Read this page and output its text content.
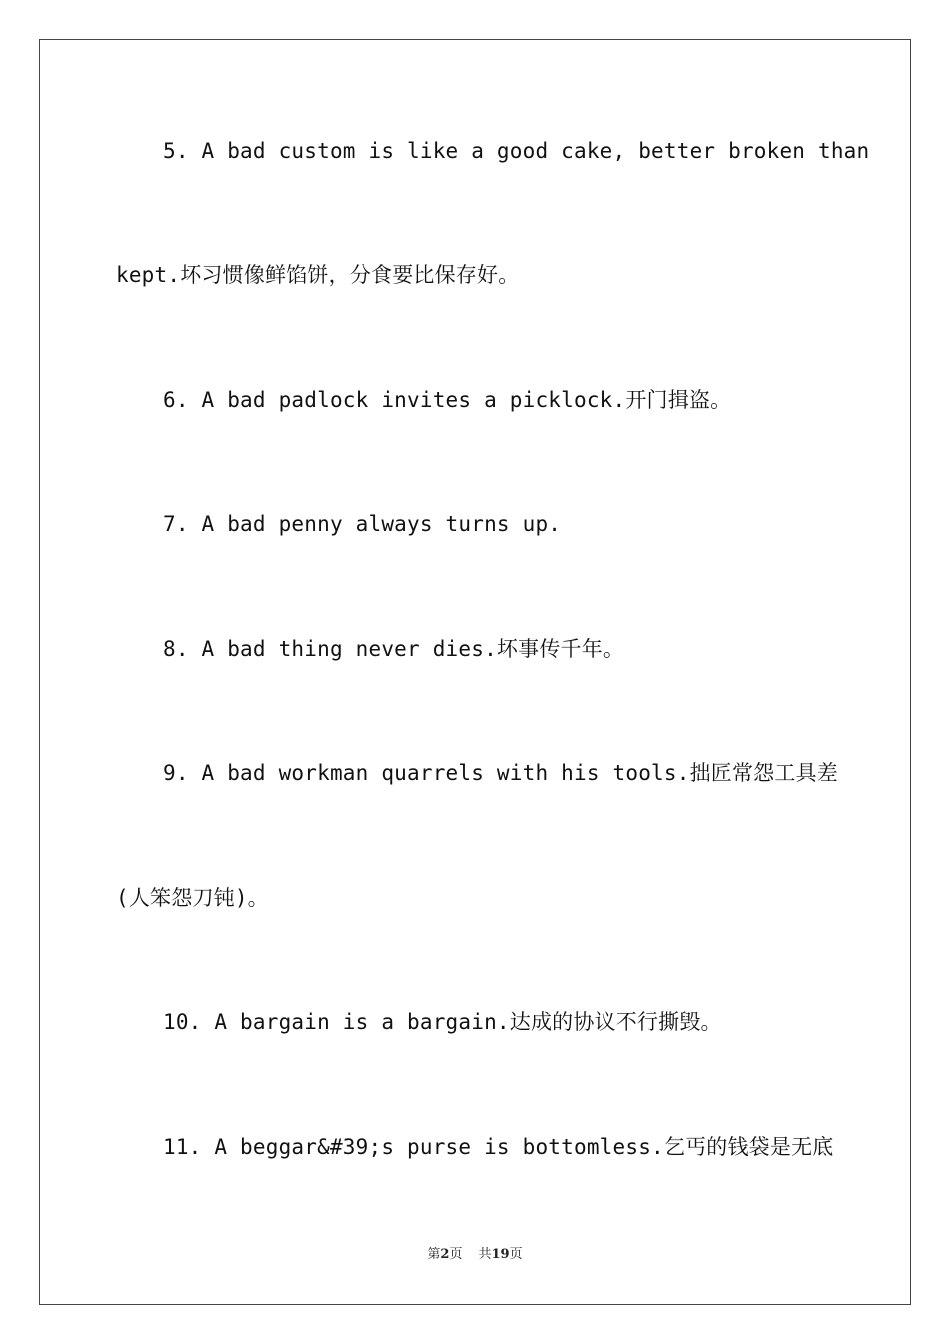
5. A bad custom is like a good cake, better broken than
kept.坏习惯像鲜馅饼，分食要比保存好。
6. A bad padlock invites a picklock.开门揖盗。
7. A bad penny always turns up.
8. A bad thing never dies.坏事传千年。
9. A bad workman quarrels with his tools.拙匠常怨工具差
(人笨怨刀钝)。
10. A bargain is a bargain.达成的协议不行撕毁。
11. A beggar&#39;s purse is bottomless.乞丐的钱袋是无底
第2页 共19页
